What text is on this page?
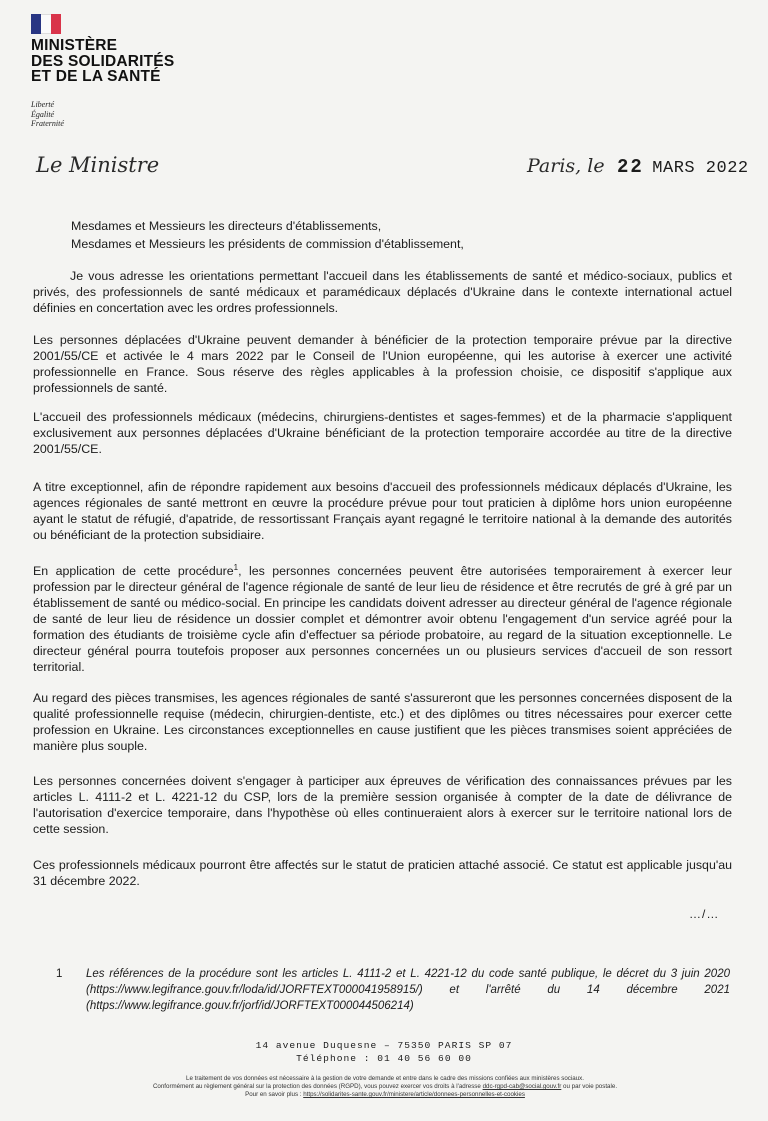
MINISTÈRE
DES SOLIDARITÉS
ET DE LA SANTÉ
Liberté
Égalité
Fraternité
Le Ministre	Paris, le 22 MARS 2022
Mesdames et Messieurs les directeurs d'établissements,
Mesdames et Messieurs les présidents de commission d'établissement,
Je vous adresse les orientations permettant l'accueil dans les établissements de santé et médico-sociaux, publics et privés, des professionnels de santé médicaux et paramédicaux déplacés d'Ukraine dans le contexte international actuel définies en concertation avec les ordres professionnels.
Les personnes déplacées d'Ukraine peuvent demander à bénéficier de la protection temporaire prévue par la directive 2001/55/CE et activée le 4 mars 2022 par le Conseil de l'Union européenne, qui les autorise à exercer une activité professionnelle en France. Sous réserve des règles applicables à la profession choisie, ce dispositif s'applique aux professionnels de santé.
L'accueil des professionnels médicaux (médecins, chirurgiens-dentistes et sages-femmes) et de la pharmacie s'appliquent exclusivement aux personnes déplacées d'Ukraine bénéficiant de la protection temporaire accordée au titre de la directive 2001/55/CE.
A titre exceptionnel, afin de répondre rapidement aux besoins d'accueil des professionnels médicaux déplacés d'Ukraine, les agences régionales de santé mettront en œuvre la procédure prévue pour tout praticien à diplôme hors union européenne ayant le statut de réfugié, d'apatride, de ressortissant Français ayant regagné le territoire national à la demande des autorités ou bénéficiant de la protection subsidiaire.
En application de cette procédure$^1$, les personnes concernées peuvent être autorisées temporairement à exercer leur profession par le directeur général de l'agence régionale de santé de leur lieu de résidence et être recrutés de gré à gré par un établissement de santé ou médico-social. En principe les candidats doivent adresser au directeur général de l'agence régionale de santé de leur lieu de résidence un dossier complet et démontrer avoir obtenu l'engagement d'un service agréé pour la formation des étudiants de troisième cycle afin d'effectuer sa période probatoire, au regard de la situation exceptionnelle. Le directeur général pourra toutefois proposer aux personnes concernées un ou plusieurs services d'accueil de son ressort territorial.
Au regard des pièces transmises, les agences régionales de santé s'assureront que les personnes concernées disposent de la qualité professionnelle requise (médecin, chirurgien-dentiste, etc.) et des diplômes ou titres nécessaires pour exercer cette profession en Ukraine. Les circonstances exceptionnelles en cause justifient que les pièces transmises soient appréciées de manière plus souple.
Les personnes concernées doivent s'engager à participer aux épreuves de vérification des connaissances prévues par les articles L. 4111-2 et L. 4221-12 du CSP, lors de la première session organisée à compter de la date de délivrance de l'autorisation d'exercice temporaire, dans l'hypothèse où elles continueraient alors à exercer sur le territoire national lors de cette session.
Ces professionnels médicaux pourront être affectés sur le statut de praticien attaché associé. Ce statut est applicable jusqu'au 31 décembre 2022.
…/…
1	Les références de la procédure sont les articles L. 4111-2 et L. 4221-12 du code santé publique, le décret du 3 juin 2020 (https://www.legifrance.gouv.fr/loda/id/JORFTEXT000041958915/) et l'arrêté du 14 décembre 2021 (https://www.legifrance.gouv.fr/jorf/id/JORFTEXT000044506214)
14 avenue Duquesne – 75350 PARIS SP 07
Téléphone : 01 40 56 60 00
Le traitement de vos données est nécessaire à la gestion de votre demande et entre dans le cadre des missions confiées aux ministères sociaux.
Conformément au règlement général sur la protection des données (RGPD), vous pouvez exercer vos droits à l'adresse ddc-rgpd-cab@social.gouv.fr ou par voie postale.
Pour en savoir plus : https://solidarites-sante.gouv.fr/ministere/article/donnees-personnelles-et-cookies
